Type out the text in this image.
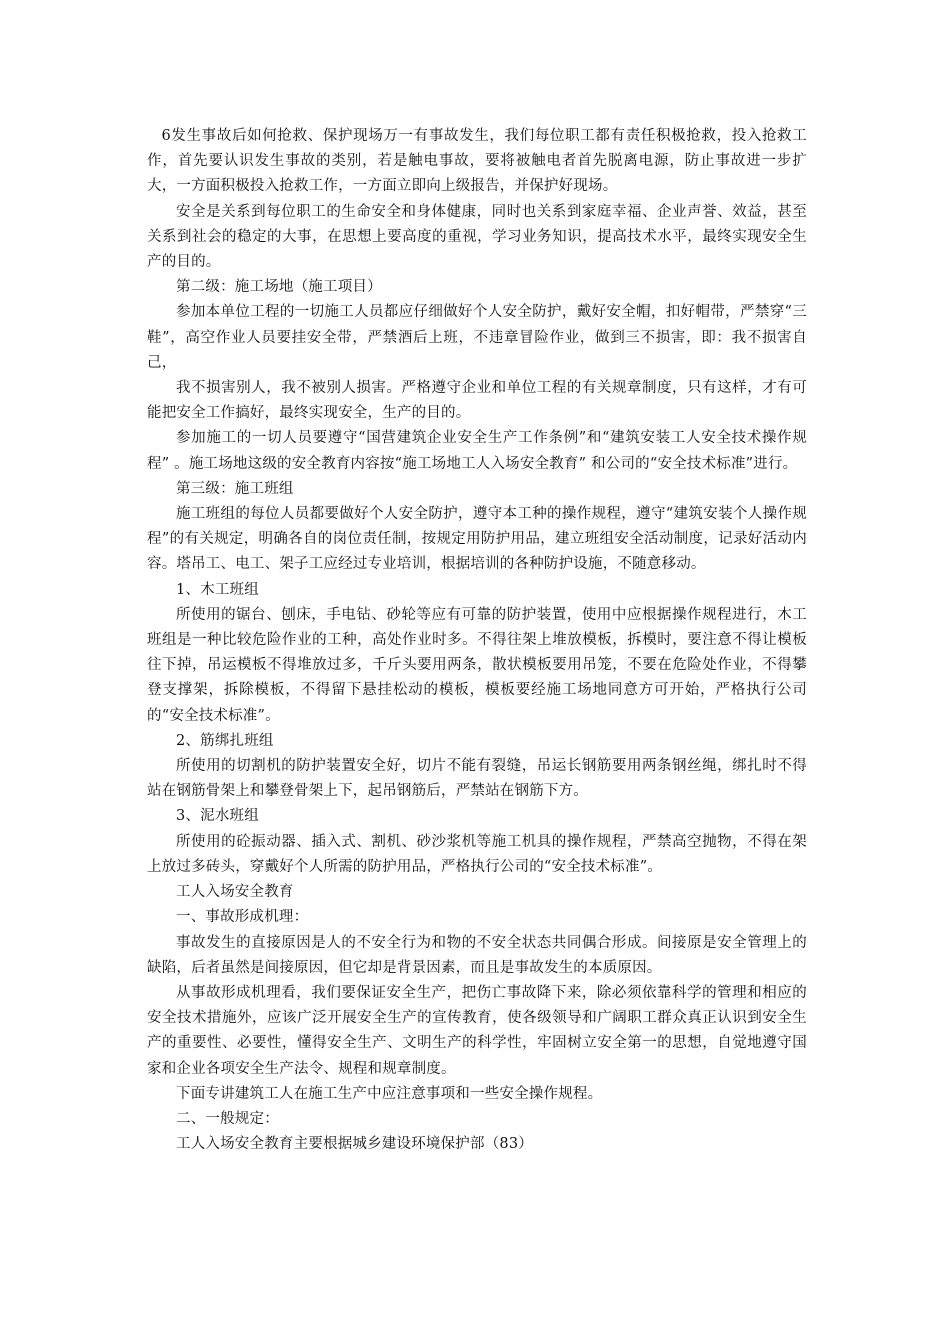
6发生事故后如何抢救、保护现场万一有事故发生，我们每位职工都有责任积极抢救，投入抢救工作，首先要认识发生事故的类别，若是触电事故，要将被触电者首先脱离电源，防止事故进一步扩大，一方面积极投入抢救工作，一方面立即向上级报告，并保护好现场。

安全是关系到每位职工的生命安全和身体健康，同时也关系到家庭幸福、企业声誉、效益，甚至关系到社会的稳定的大事，在思想上要高度的重视，学习业务知识，提高技术水平，最终实现安全生产的目的。

第二级：施工场地（施工项目）

参加本单位工程的一切施工人员都应仔细做好个人安全防护，戴好安全帽，扣好帽带，严禁穿“三鞋”，高空作业人员要挂安全带，严禁酒后上班，不违章冒险作业，做到三不损害，即：我不损害自己，

我不损害别人，我不被别人损害。严格遵守企业和单位工程的有关规章制度，只有这样，才有可能把安全工作搞好，最终实现安全，生产的目的。

参加施工的一切人员要遵守“国营建筑企业安全生产工作条例”和“建筑安装工人安全技术操作规程” 。施工场地这级的安全教育内容按“施工场地工人入场安全教育” 和公司的“安全技术标准”进行。

第三级：施工班组

施工班组的每位人员都要做好个人安全防护，遵守本工种的操作规程，遵守“建筑安装个人操作规程”的有关规定，明确各自的岗位责任制，按规定用防护用品，建立班组安全活动制度，记录好活动内容。塔吊工、电工、架子工应经过专业培训，根据培训的各种防护设施，不随意移动。

1、木工班组

所使用的锯台、刨床，手电钻、砂轮等应有可靠的防护装置，使用中应根据操作规程进行，木工班组是一种比较危险作业的工种，高处作业时多。不得往架上堆放模板，拆模时，要注意不得让模板往下掉，吊运模板不得堆放过多，千斤头要用两条，散状模板要用吊笼，不要在危险处作业，不得攀登支撑架，拆除模板，不得留下悬挂松动的模板，模板要经施工场地同意方可开始，严格执行公司的“安全技术标准”。

2、筋绑扎班组

所使用的切割机的防护装置安全好，切片不能有裂缝，吊运长钢筋要用两条钢丝绳，绑扎时不得站在钢筋骨架上和攀登骨架上下，起吊钢筋后，严禁站在钢筋下方。

3、泥水班组

所使用的砼振动器、插入式、割机、砂沙浆机等施工机具的操作规程，严禁高空抛物，不得在架上放过多砖头，穿戴好个人所需的防护用品，严格执行公司的“安全技术标准”。

工人入场安全教育

一、事故形成机理：

事故发生的直接原因是人的不安全行为和物的不安全状态共同偶合形成。间接原是安全管理上的缺陷，后者虽然是间接原因，但它却是背景因素，而且是事故发生的本质原因。

从事故形成机理看，我们要保证安全生产，把伤亡事故降下来，除必须依靠科学的管理和相应的安全技术措施外，应该广泛开展安全生产的宣传教育，使各级领导和广阔职工群众真正认识到安全生产的重要性、必要性，懂得安全生产、文明生产的科学性，牢固树立安全第一的思想，自觉地遵守国家和企业各项安全生产法令、规程和规章制度。

下面专讲建筑工人在施工生产中应注意事项和一些安全操作规程。

二、一般规定：

工人入场安全教育主要根据城乡建设环境保护部（83）
